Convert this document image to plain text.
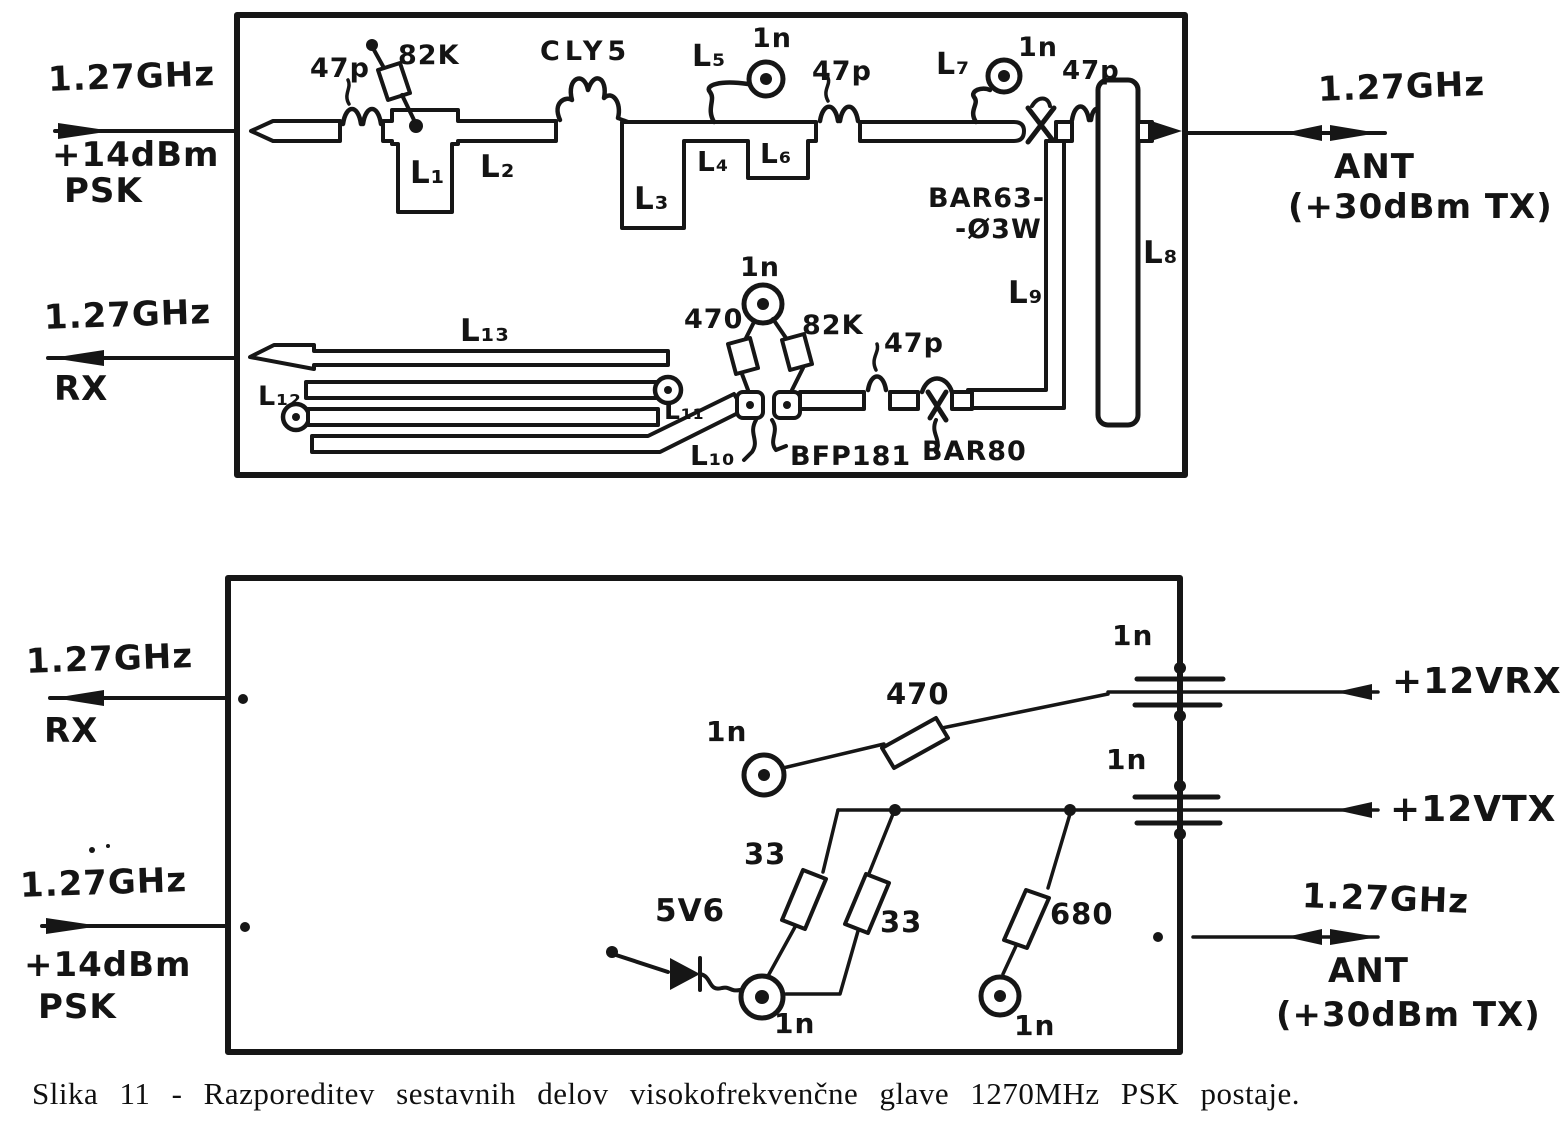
1.27GHz
+14dBm
PSK
1.27GHz
RX
1.27GHz
ANT
(+30dBm TX)
47p 82K	CLY5
L₁ L₂
L₃
L₄
L₅
L₆
1n
47p L₇ 1n
47p
BAR63-
-Ø3W
L₈
L₉
L₁₃
L₁₂	L₁₁
L₁₀
470
1n
82K
47p
BFP181 BAR80
1.27GHz
RX
1.27GHz
+14dBm
PSK
+12VRX
+12VTX
1.27GHz
ANT
(+30dBm TX)
1n
1n
1n
470
33
33	680
5V6
1n	1n
Slika 11 - Razporeditev sestavnih delov visokofrekvenčne glave 1270MHz PSK postaje.
